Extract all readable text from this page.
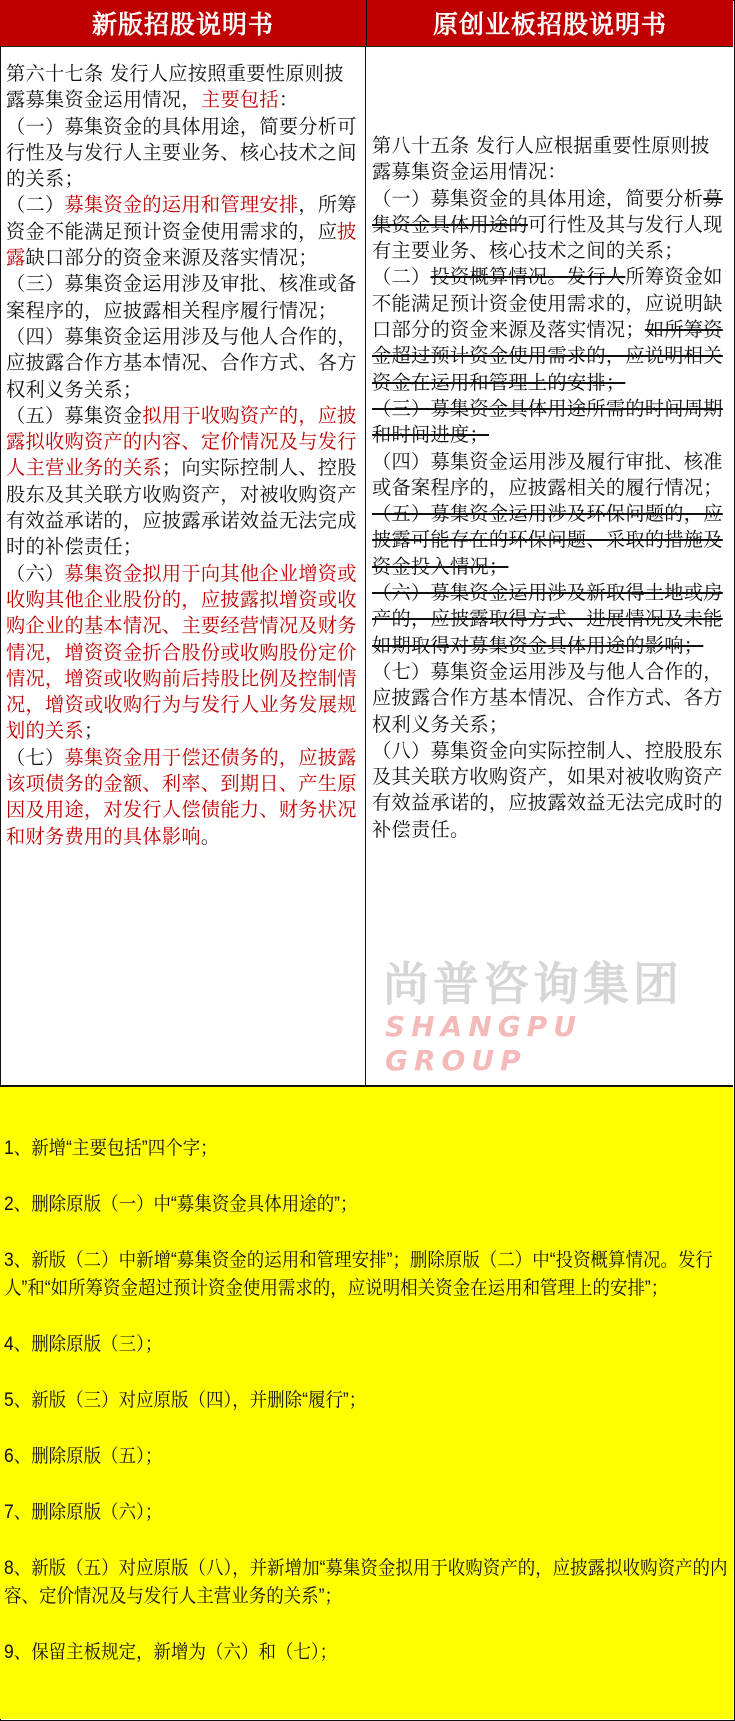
新版招股说明书	原创业板招股说明书

第六十七条 发行人应按照重要性原则披露募集资金运用情况，主要包括：

（一）募集资金的具体用途，简要分析可行性及与发行人主要业务、核心技术之间的关系；

（二）募集资金的运用和管理安排，所筹资金不能满足预计资金使用需求的，应披露缺口部分的资金来源及落实情况；

（三）募集资金运用涉及审批、核准或备案程序的，应披露相关程序履行情况；

（四）募集资金运用涉及与他人合作的，应披露合作方基本情况、合作方式、各方权利义务关系；

（五）募集资金拟用于收购资产的，应披露拟收购资产的内容、定价情况及与发行人主营业务的关系；向实际控制人、控股股东及其关联方收购资产，对被收购资产有效益承诺的，应披露承诺效益无法完成时的补偿责任；

（六）募集资金拟用于向其他企业增资或收购其他企业股份的，应披露拟增资或收购企业的基本情况、主要经营情况及财务情况，增资资金折合股份或收购股份定价情况，增资或收购前后持股比例及控制情况，增资或收购行为与发行人业务发展规划的关系；

（七）募集资金用于偿还债务的，应披露该项债务的金额、利率、到期日、产生原因及用途，对发行人偿债能力、财务状况和财务费用的具体影响。

第八十五条 发行人应根据重要性原则披露募集资金运用情况：

（一）募集资金的具体用途，简要分析募集资金具体用途的可行性及其与发行人现有主要业务、核心技术之间的关系；

（二）投资概算情况。发行人所筹资金如不能满足预计资金使用需求的，应说明缺口部分的资金来源及落实情况；如所筹资金超过预计资金使用需求的，应说明相关资金在运用和管理上的安排；

（三）募集资金具体用途所需的时间周期和时间进度；

（四）募集资金运用涉及履行审批、核准或备案程序的，应披露相关的履行情况；

（五）募集资金运用涉及环保问题的，应披露可能存在的环保问题、采取的措施及资金投入情况；

（六）募集资金运用涉及新取得土地或房产的，应披露取得方式、进展情况及未能如期取得对募集资金具体用途的影响；

（七）募集资金运用涉及与他人合作的，应披露合作方基本情况、合作方式、各方权利义务关系；

（八）募集资金向实际控制人、控股股东及其关联方收购资产，如果对被收购资产有效益承诺的，应披露效益无法完成时的补偿责任。

尚普咨询集团
SHANGPU GROUP
1、新增“主要包括”四个字；
2、删除原版（一）中“募集资金具体用途的”；
3、新版（二）中新增“募集资金的运用和管理安排”；删除原版（二）中“投资概算情况。发行人”和“如所筹资金超过预计资金使用需求的，应说明相关资金在运用和管理上的安排”；
4、删除原版（三）；
5、新版（三）对应原版（四），并删除“履行”；
6、删除原版（五）；
7、删除原版（六）；
8、新版（五）对应原版（八），并新增加“募集资金拟用于收购资产的，应披露拟收购资产的内容、定价情况及与发行人主营业务的关系”；
9、保留主板规定，新增为（六）和（七）；
